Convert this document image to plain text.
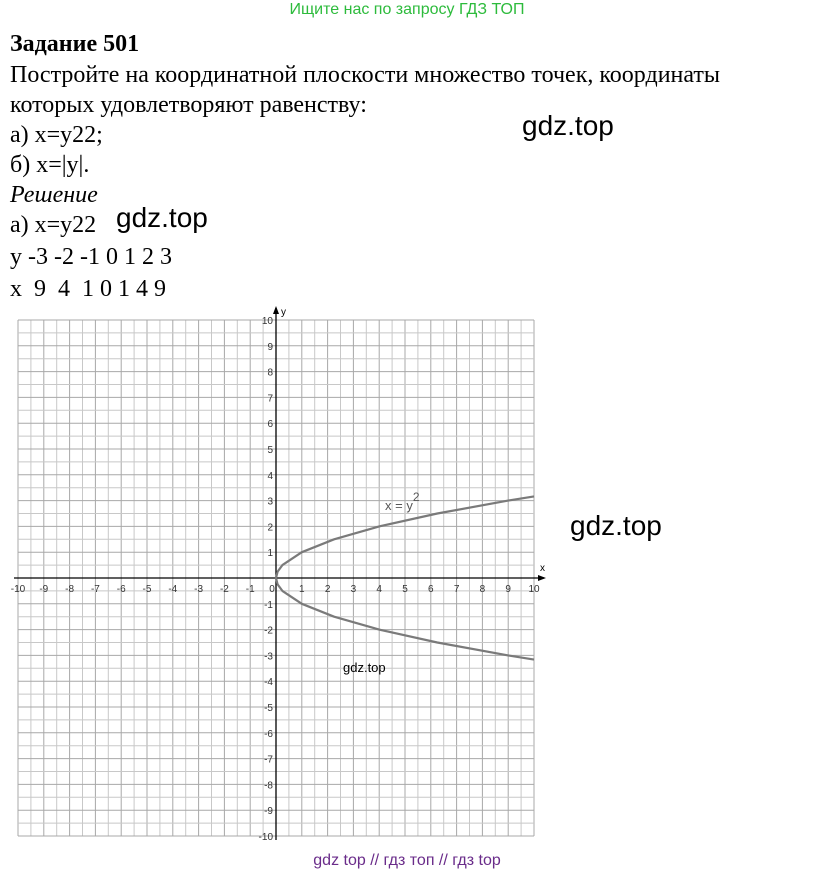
Ищите нас по запросу ГДЗ ТОП
Задание 501
Постройте на координатной плоскости множество точек, координаты
которых удовлетворяют равенству:
а) x=y22;
б) x=|y|.
Решение
а) x=y22
y -3 -2 -1 0 1 2 3
x  9  4  1 0 1 4 9
gdz.top
gdz.top
gdz.top
x
y
-10 -9 -8 -7 -6 -5 -4 -3 -2 -1 0 1 2 3 4 5 6 7 8 9 10
10
9
8
7
6
5
4
3
2
1
-1
-2
-3
-4
-5
-6
-7
-8
-9
-10
x = y2
gdz.top
gdz top // гдз топ // гдз top
